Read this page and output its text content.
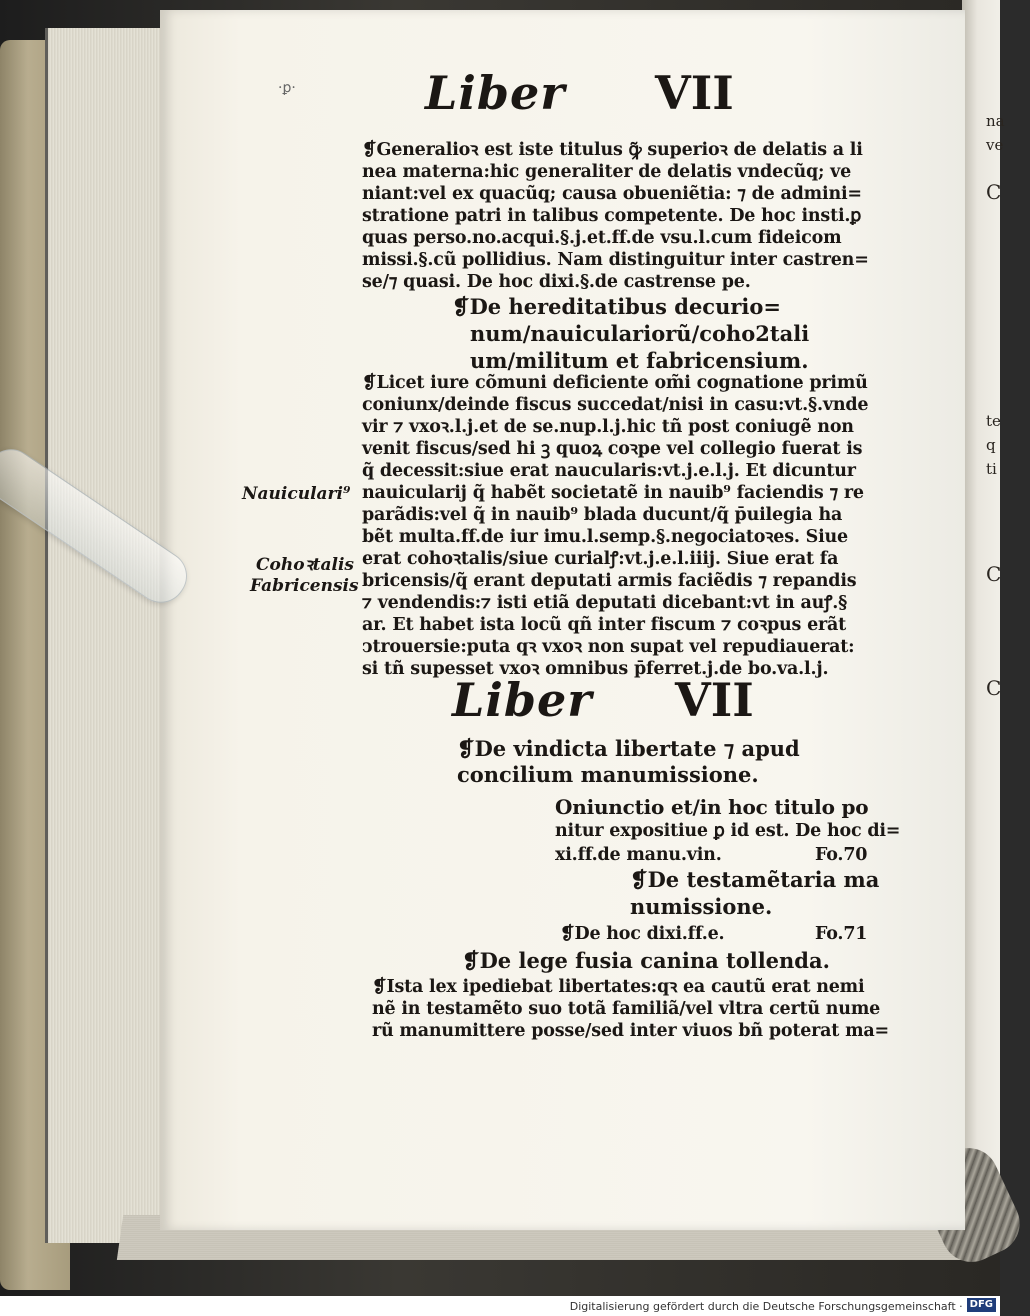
·ꝑ·	Liber VII
❡Generalioꝛ est iste titulus ꝙ̃ superioꝛ de delatis a li
nea materna:hic generaliter de delatis vndecũq; ve
niant:vel ex quacũq; causa obueniẽtia: ⁊ de admini=
stratione patri in talibus competente. De hoc insti.ꝑ
quas perso.no.acqui.§.j.et.ff.de vsu.l.cum fideicom
missi.§.cũ pollidius. Nam distinguitur inter castren=
se/⁊ quasi. De hoc dixi.§.de castrense pe.
❡De hereditatibus decurio=
num/nauiculariorũ/coho2tali
um/militum et fabricensium.
❡Licet iure cõmuni deficiente om̃i cognatione primũ
coniunx/deinde fiscus succedat/nisi in casu:vt.§.vnde
vir ⁊ vxoꝛ.l.j.et de se.nup.l.j.hic tñ post coniugẽ non
venit fiscus/sed hi ꝫ quoꝝ coꝛpe vel collegio fuerat is
q̃ decessit:siue erat naucularis:vt.j.e.l.j. Et dicuntur
nauicularij q̃ habẽt societatẽ in nauib⁹ faciendis ⁊ re
parãdis:vel q̃ in nauib⁹ blada ducunt/q̃ p̄uilegia ha
bẽt multa.ff.de iur imu.l.semp.§.negociatoꝛes. Siue
erat cohoꝛtalis/siue curialꝭ:vt.j.e.l.iiij. Siue erat fa
bricensis/q̃ erant deputati armis faciẽdis ⁊ repandis
⁊ vendendis:⁊ isti etiã deputati dicebant:vt in auꝭ.§
ar. Et habet ista locũ qñ inter fiscum ⁊ coꝛpus erãt
ↄtrouersie:puta qꝛ vxoꝛ non supat vel repudiauerat:
si tñ supesset vxoꝛ omnibus p̄ferret.j.de bo.va.l.j.
Nauiculari⁹
Cohoꝛtalis
Fabricensis
Liber VII
❡De vindicta libertate ⁊ apud
concilium manumissione.
Oniunctio et/in hoc titulo po
nitur expositiue ꝑ id est. De hoc di=
xi.ff.de manu.vin.	Fo.70
❡De testamẽtaria ma
numissione.
❡De hoc dixi.ff.e.	Fo.71
❡De lege fusia canina tollenda.
❡Ista lex ipediebat libertates:qꝛ ea cautũ erat nemi
nẽ in testamẽto suo totã familiã/vel vltra certũ nume
rũ manumittere posse/sed inter viuos bñ poterat ma=
na
ve
C
te
q
ti
C
C
Digitalisierung gefördert durch die Deutsche Forschungsgemeinschaft · DFG
